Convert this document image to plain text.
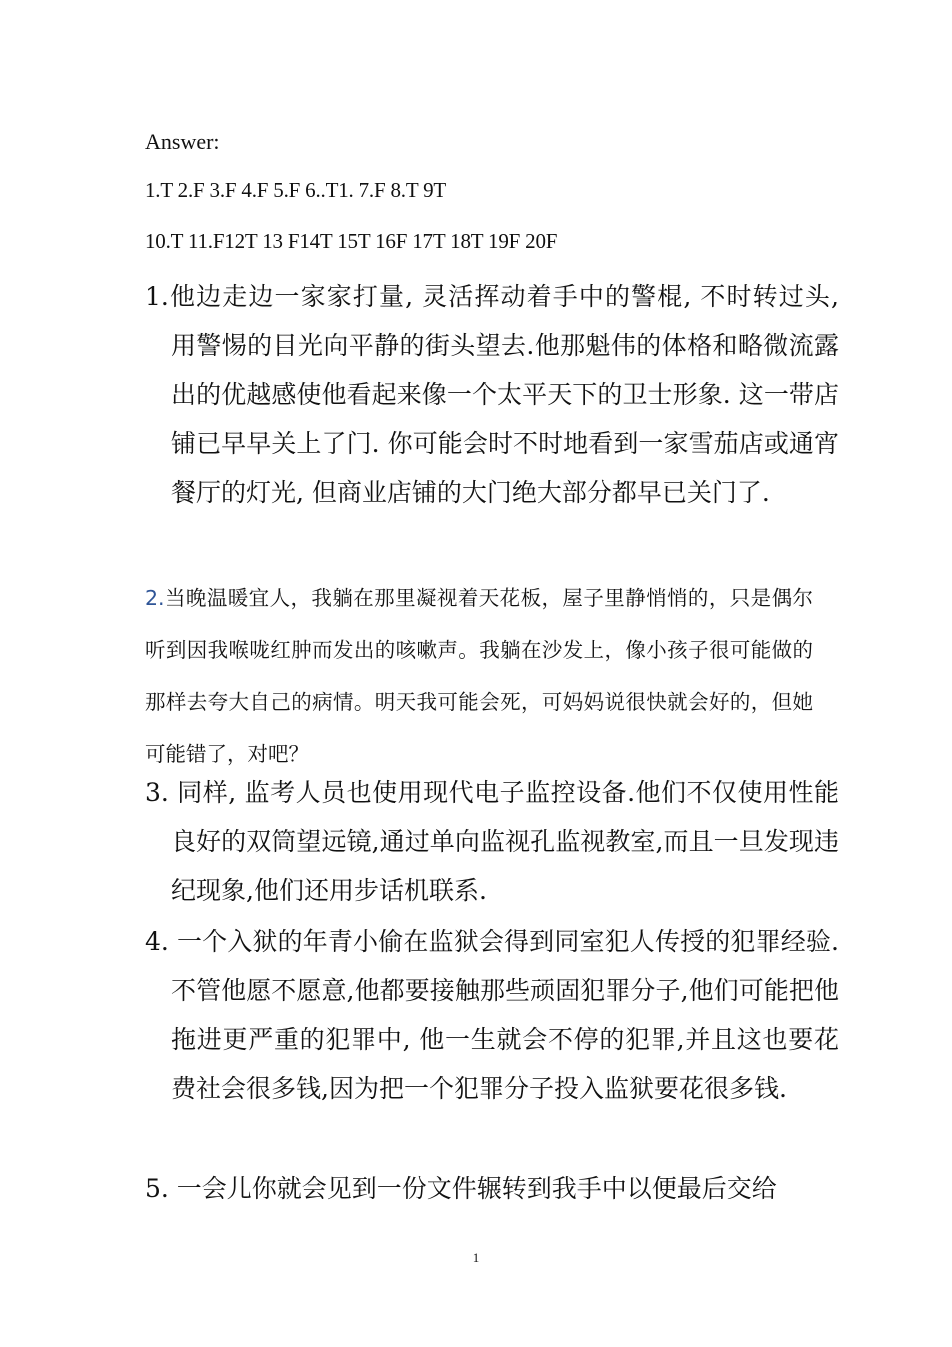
Answer:
1.T 2.F 3.F 4.F 5.F 6..T1. 7.F 8.T 9T
10.T 11.F12T 13 F14T 15T 16F 17T 18T 19F 20F

1.他边走边一家家打量, 灵活挥动着手中的警棍, 不时转过头, 用警惕的目光向平静的街头望去.他那魁伟的体格和略微流露出的优越感使他看起来像一个太平天下的卫士形象. 这一带店铺已早早关上了门. 你可能会时不时地看到一家雪茄店或通宵餐厅的灯光, 但商业店铺的大门绝大部分都早已关门了.

2.当晚温暖宜人，我躺在那里凝视着天花板，屋子里静悄悄的，只是偶尔听到因我喉咙红肿而发出的咳嗽声。我躺在沙发上，像小孩子很可能做的那样去夸大自己的病情。明天我可能会死，可妈妈说很快就会好的，但她可能错了，对吧？

3. 同样, 监考人员也使用现代电子监控设备.他们不仅使用性能良好的双筒望远镜,通过单向监视孔监视教室,而且一旦发现违纪现象,他们还用步话机联系.

4. 一个入狱的年青小偷在监狱会得到同室犯人传授的犯罪经验.不管他愿不愿意,他都要接触那些顽固犯罪分子,他们可能把他拖进更严重的犯罪中, 他一生就会不停的犯罪,并且这也要花费社会很多钱,因为把一个犯罪分子投入监狱要花很多钱.

5. 一会儿你就会见到一份文件辗转到我手中以便最后交给

1
